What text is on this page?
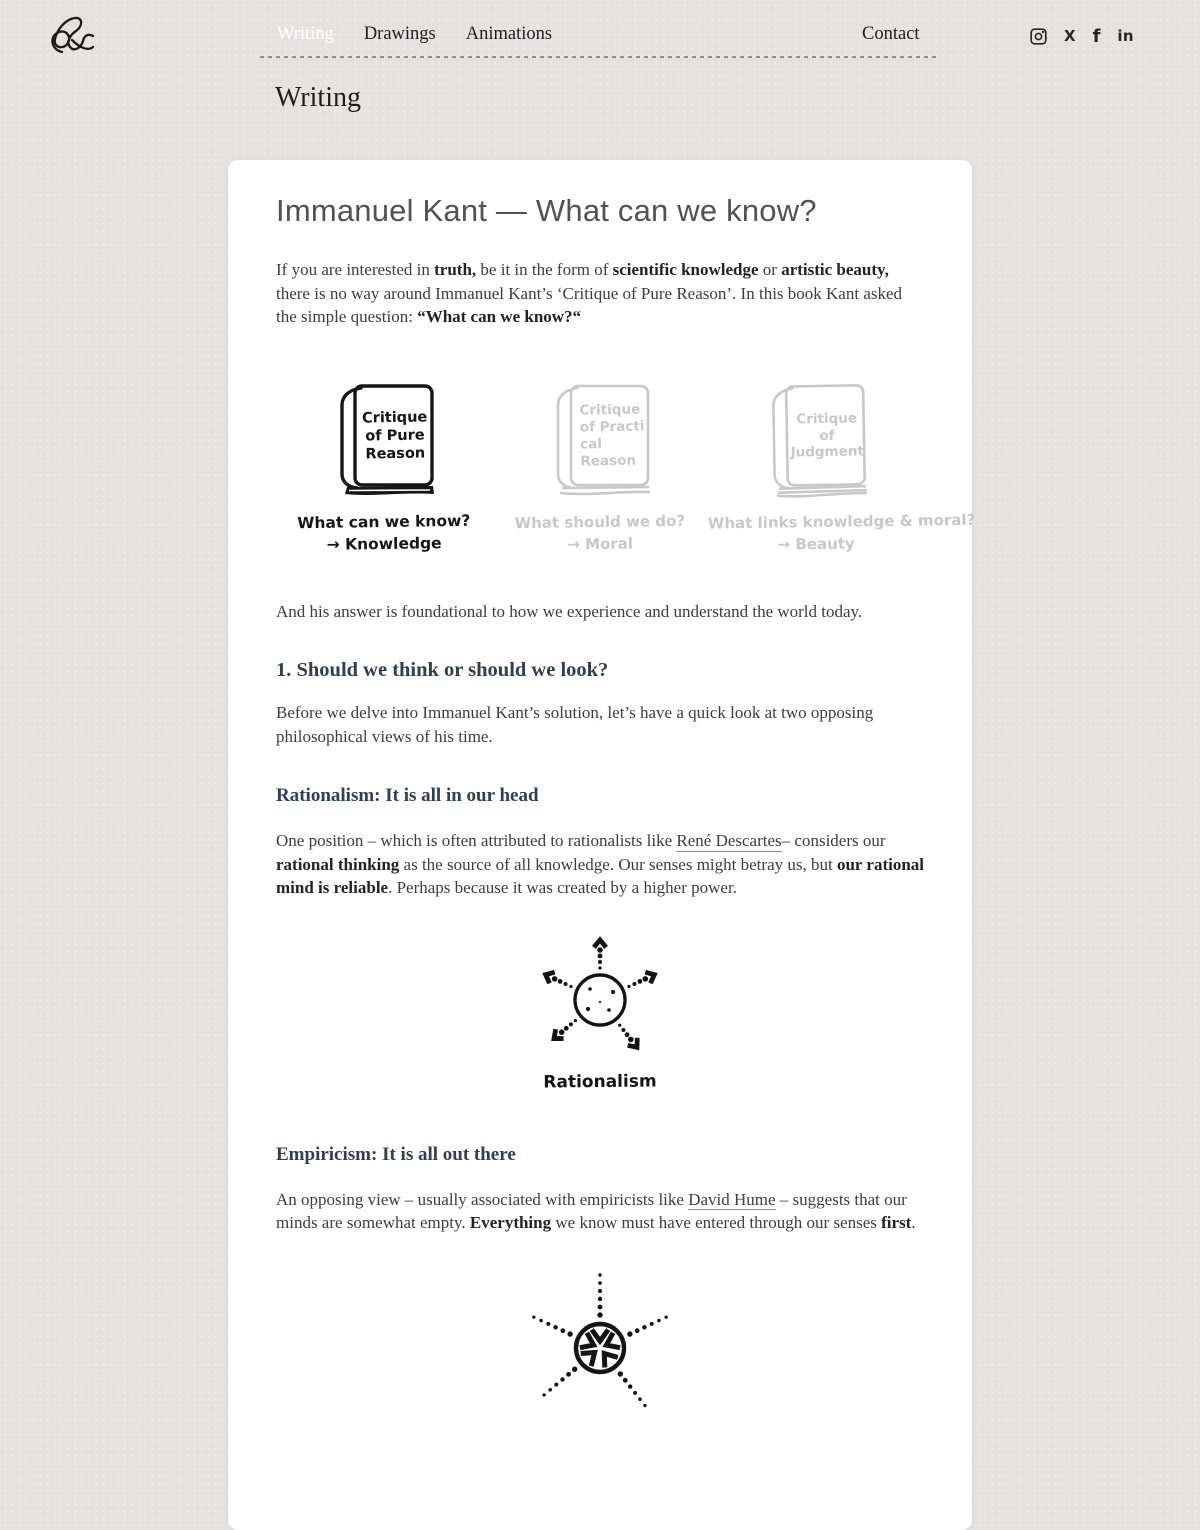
Writing Drawings Animations	Contact	X f in
Writing
Immanuel Kant — What can we know?

If you are interested in truth, be it in the form of scientific knowledge or artistic beauty, there is no way around Immanuel Kant’s ‘Critique of Pure Reason’. In this book Kant asked the simple question: “What can we know?“

Critique
of Pure
Reason
What can we know?
→ Knowledge
Critique
of Practi
cal
Reason
What should we do?
→ Moral
Critique
of
Judgment
What links knowledge & moral?
→ Beauty

And his answer is foundational to how we experience and understand the world today.

1. Should we think or should we look?

Before we delve into Immanuel Kant’s solution, let’s have a quick look at two opposing philosophical views of his time.

Rationalism: It is all in our head

One position – which is often attributed to rationalists like René Descartes– considers our rational thinking as the source of all knowledge. Our senses might betray us, but our rational mind is reliable. Perhaps because it was created by a higher power.

Rationalism
Empiricism: It is all out there

An opposing view – usually associated with empiricists like David Hume – suggests that our minds are somewhat empty. Everything we know must have entered through our senses first.
